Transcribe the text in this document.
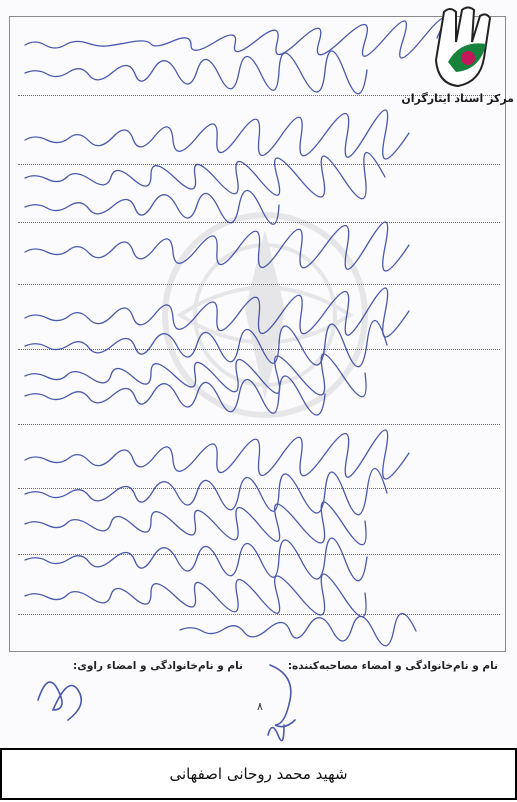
مرکز اسناد ایثارگران
نام و نام‌خانوادگی و امضاء مصاحبه‌کننده:
نام و نام‌خانوادگی و امضاء راوی:
۸
شهید محمد روحانی اصفهانی
